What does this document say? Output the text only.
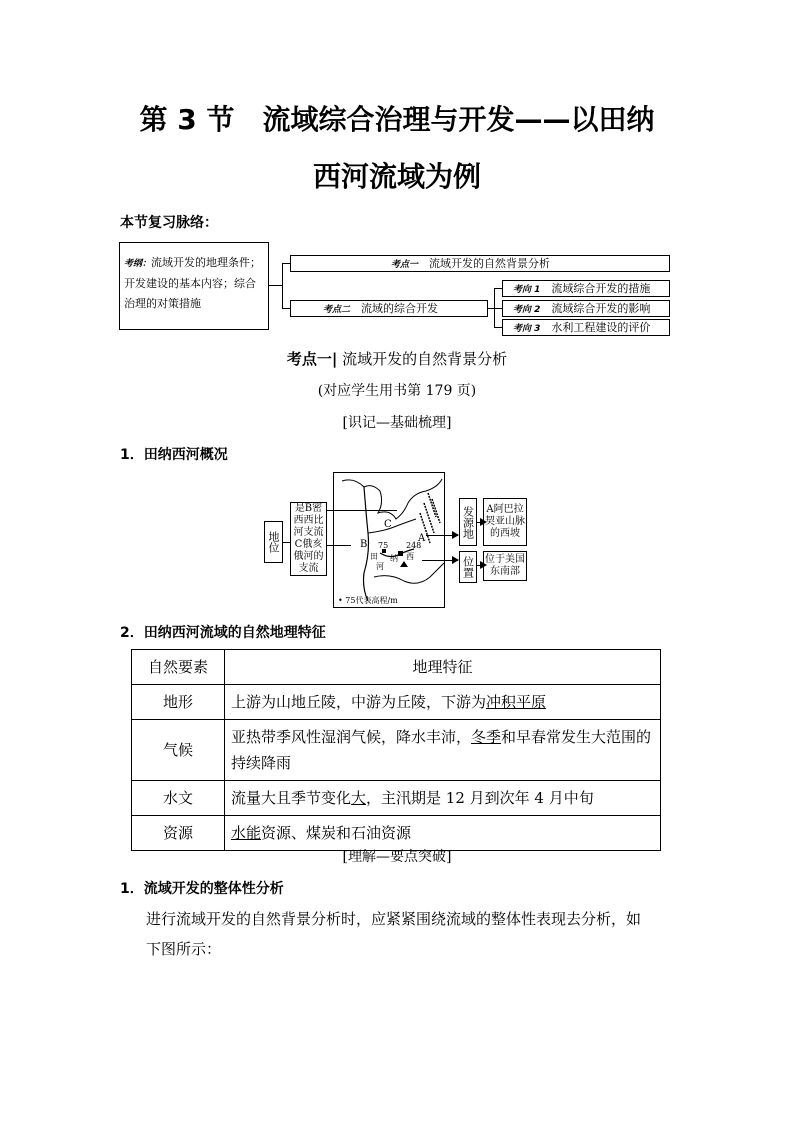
第 3 节　流域综合治理与开发——以田纳
西河流域为例
本节复习脉络：
考纲：流域开发的地理条件；
开发建设的基本内容；综合
治理的对策措施
考点一　 流域开发的自然背景分析
考点二　 流域的综合开发
考向 1　 流域综合开发的措施
考向 2　 流域综合开发的影响
考向 3　 水利工程建设的评价
考点一| 流域开发的自然背景分析
(对应学生用书第 179 页)
[识记—基础梳理]
1．田纳西河概况
地位
是B密西西比河支流C俄亥俄河的支流
C
B
A
75 248
田 纳 西
河
• 75代表高程/m
发源地	A阿巴拉契亚山脉的西坡
位置 位于美国东南部
2．田纳西河流域的自然地理特征
自然要素	地理特征
地形	上游为山地丘陵，中游为丘陵，下游为冲积平原
气候	亚热带季风性湿润气候，降水丰沛，冬季和早春常发生大范围的持续降雨
水文	流量大且季节变化大，主汛期是 12 月到次年 4 月中旬
资源	水能资源、煤炭和石油资源
[理解—要点突破]
1．流域开发的整体性分析
进行流域开发的自然背景分析时，应紧紧围绕流域的整体性表现去分析，如
下图所示：
